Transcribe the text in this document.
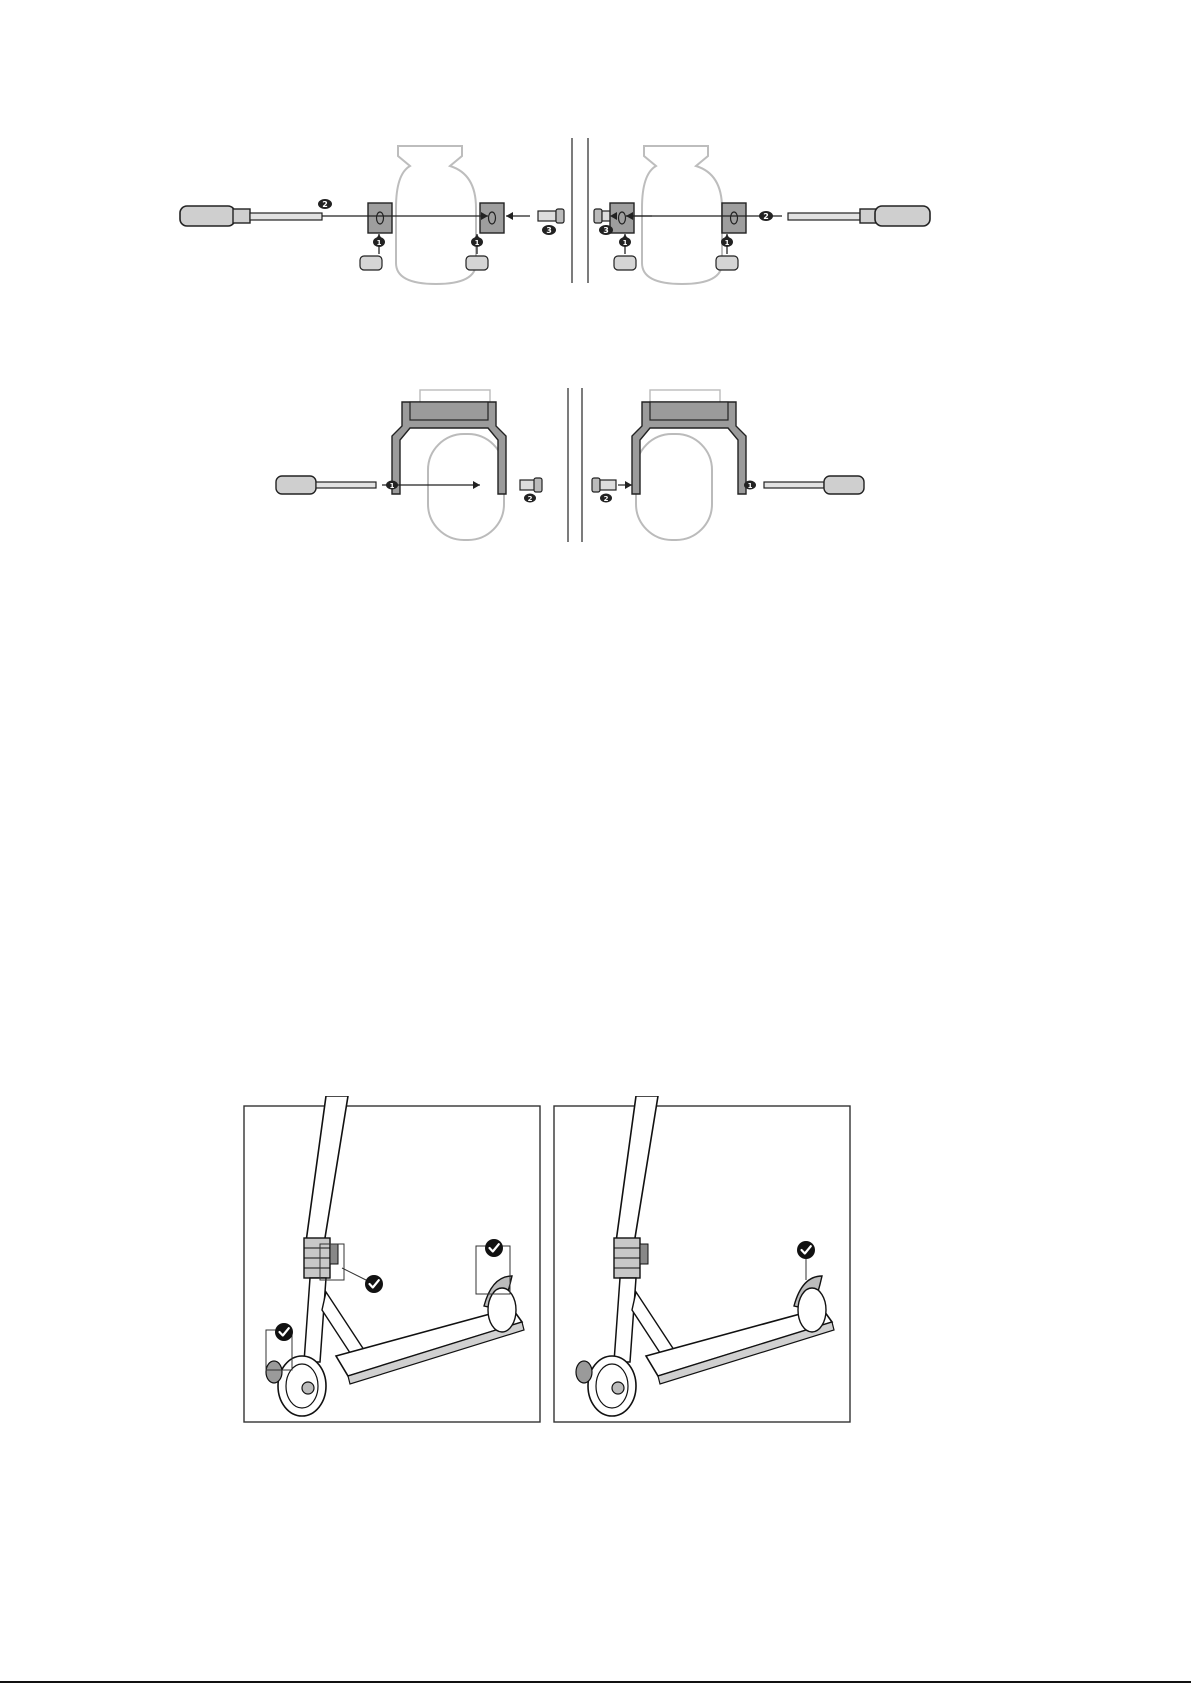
2
1	1
3	3
1	1
2
1
2	2
1
